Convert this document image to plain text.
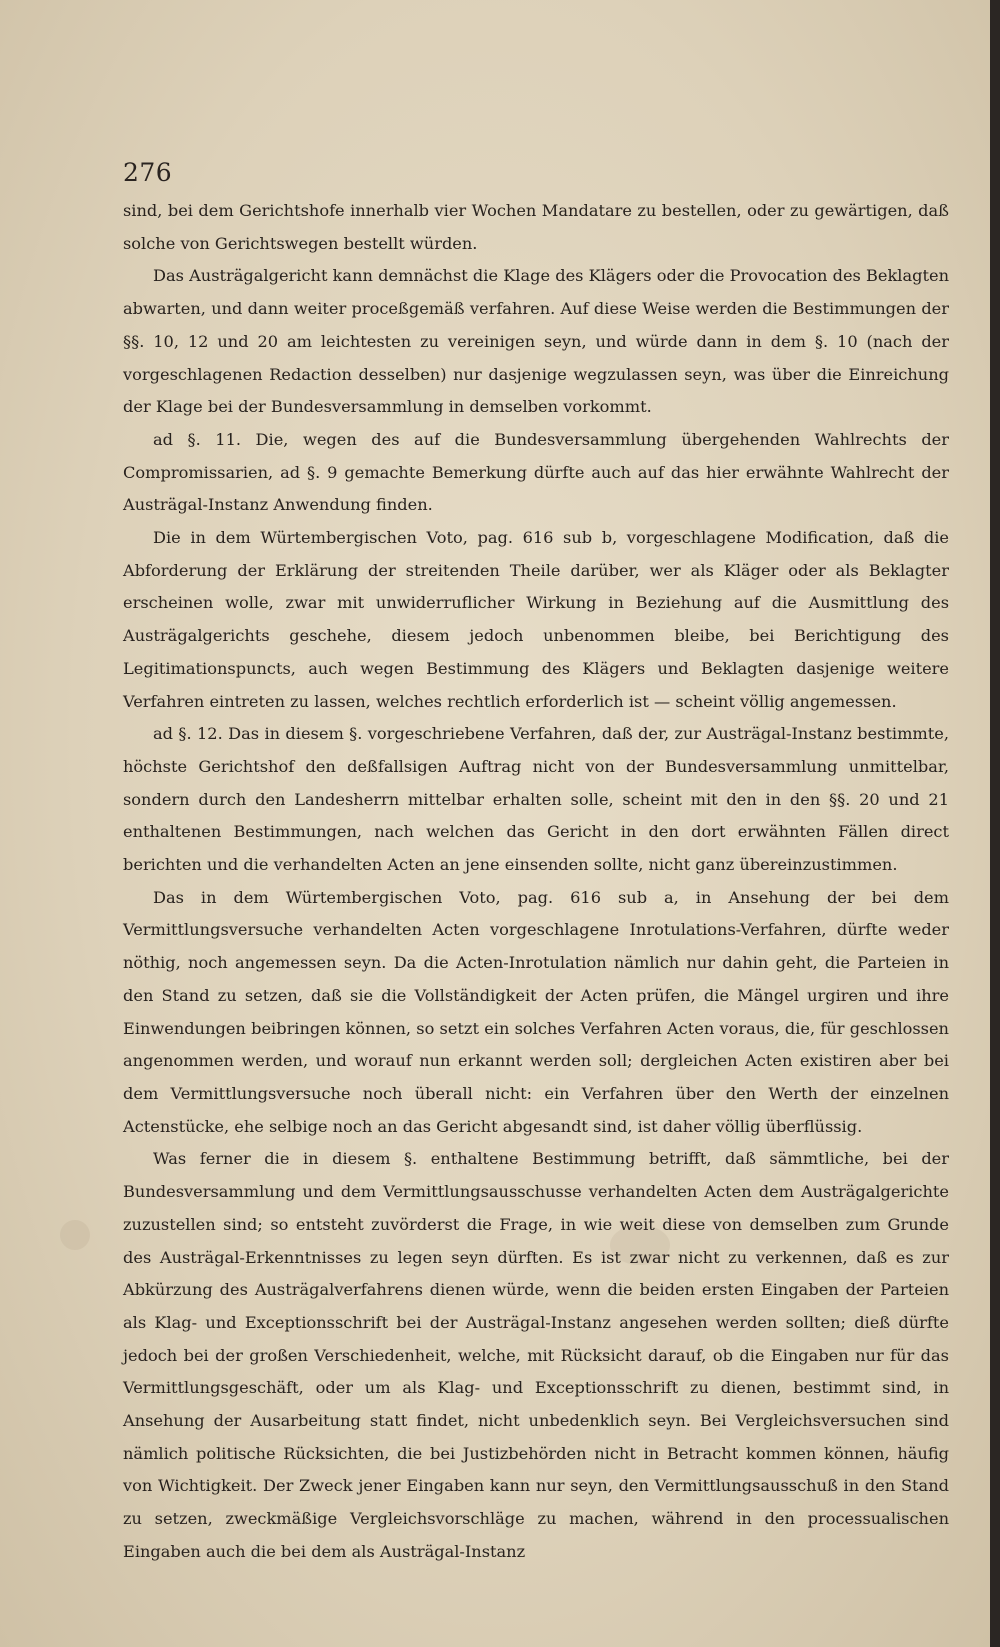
276

sind, bei dem Gerichtshofe innerhalb vier Wochen Mandatare zu bestellen, oder zu gewärtigen, daß solche von Gerichtswegen bestellt würden.

Das Austrägalgericht kann demnächst die Klage des Klägers oder die Provocation des Beklagten abwarten, und dann weiter proceßgemäß verfahren. Auf diese Weise werden die Bestimmungen der §§. 10, 12 und 20 am leichtesten zu vereinigen seyn, und würde dann in dem §. 10 (nach der vorgeschlagenen Redaction desselben) nur dasjenige wegzulassen seyn, was über die Einreichung der Klage bei der Bundesversammlung in demselben vorkommt.

ad §. 11. Die, wegen des auf die Bundesversammlung übergehenden Wahlrechts der Compromissarien, ad §. 9 gemachte Bemerkung dürfte auch auf das hier erwähnte Wahlrecht der Austrägal-Instanz Anwendung finden.

Die in dem Würtembergischen Voto, pag. 616 sub b, vorgeschlagene Modification, daß die Abforderung der Erklärung der streitenden Theile darüber, wer als Kläger oder als Beklagter erscheinen wolle, zwar mit unwiderruflicher Wirkung in Beziehung auf die Ausmittlung des Austrägalgerichts geschehe, diesem jedoch unbenommen bleibe, bei Berichtigung des Legitimationspuncts, auch wegen Bestimmung des Klägers und Beklagten dasjenige weitere Verfahren eintreten zu lassen, welches rechtlich erforderlich ist — scheint völlig angemessen.

ad §. 12. Das in diesem §. vorgeschriebene Verfahren, daß der, zur Austrägal-Instanz bestimmte, höchste Gerichtshof den deßfallsigen Auftrag nicht von der Bundesversammlung unmittelbar, sondern durch den Landesherrn mittelbar erhalten solle, scheint mit den in den §§. 20 und 21 enthaltenen Bestimmungen, nach welchen das Gericht in den dort erwähnten Fällen direct berichten und die verhandelten Acten an jene einsenden sollte, nicht ganz übereinzustimmen.

Das in dem Würtembergischen Voto, pag. 616 sub a, in Ansehung der bei dem Vermittlungsversuche verhandelten Acten vorgeschlagene Inrotulations-Verfahren, dürfte weder nöthig, noch angemessen seyn. Da die Acten-Inrotulation nämlich nur dahin geht, die Parteien in den Stand zu setzen, daß sie die Vollständigkeit der Acten prüfen, die Mängel urgiren und ihre Einwendungen beibringen können, so setzt ein solches Verfahren Acten voraus, die, für geschlossen angenommen werden, und worauf nun erkannt werden soll; dergleichen Acten existiren aber bei dem Vermittlungsversuche noch überall nicht: ein Verfahren über den Werth der einzelnen Actenstücke, ehe selbige noch an das Gericht abgesandt sind, ist daher völlig überflüssig.

Was ferner die in diesem §. enthaltene Bestimmung betrifft, daß sämmtliche, bei der Bundesversammlung und dem Vermittlungsausschusse verhandelten Acten dem Austrägalgerichte zuzustellen sind; so entsteht zuvörderst die Frage, in wie weit diese von demselben zum Grunde des Austrägal-Erkenntnisses zu legen seyn dürften. Es ist zwar nicht zu verkennen, daß es zur Abkürzung des Austrägalverfahrens dienen würde, wenn die beiden ersten Eingaben der Parteien als Klag- und Exceptionsschrift bei der Austrägal-Instanz angesehen werden sollten; dieß dürfte jedoch bei der großen Verschiedenheit, welche, mit Rücksicht darauf, ob die Eingaben nur für das Vermittlungsgeschäft, oder um als Klag- und Exceptionsschrift zu dienen, bestimmt sind, in Ansehung der Ausarbeitung statt findet, nicht unbedenklich seyn. Bei Vergleichsversuchen sind nämlich politische Rücksichten, die bei Justizbehörden nicht in Betracht kommen können, häufig von Wichtigkeit. Der Zweck jener Eingaben kann nur seyn, den Vermittlungsausschuß in den Stand zu setzen, zweckmäßige Vergleichsvorschläge zu machen, während in den processualischen Eingaben auch die bei dem als Austrägal-Instanz
